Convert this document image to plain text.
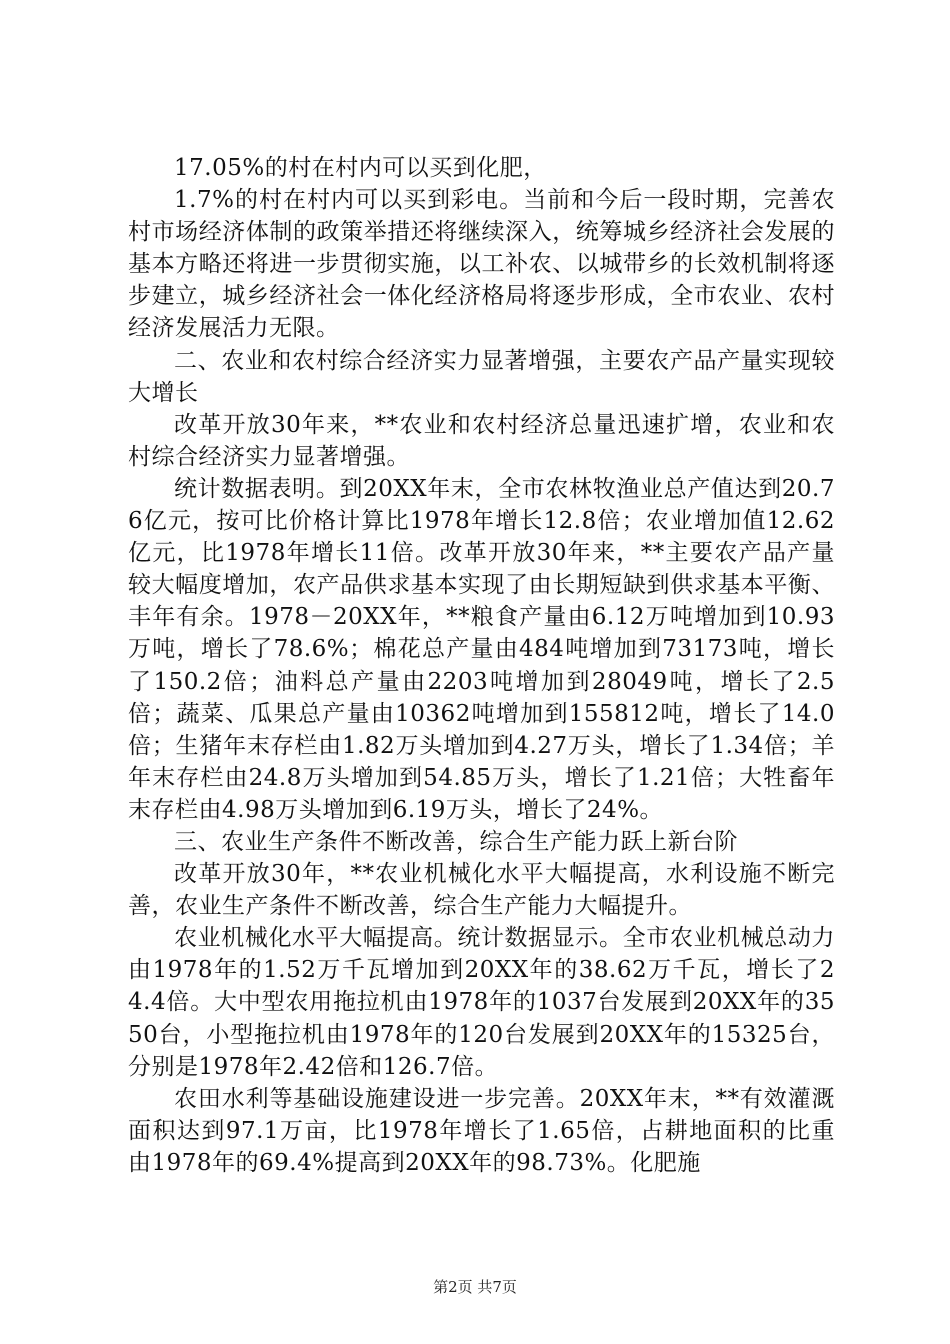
17.05%的村在村内可以买到化肥，

1.7%的村在村内可以买到彩电。当前和今后一段时期，完善农村市场经济体制的政策举措还将继续深入，统筹城乡经济社会发展的基本方略还将进一步贯彻实施，以工补农、以城带乡的长效机制将逐步建立，城乡经济社会一体化经济格局将逐步形成，全市农业、农村经济发展活力无限。

二、农业和农村综合经济实力显著增强，主要农产品产量实现较大增长

改革开放30年来，**农业和农村经济总量迅速扩增，农业和农村综合经济实力显著增强。

统计数据表明。到20XX年末，全市农林牧渔业总产值达到20.76亿元，按可比价格计算比1978年增长12.8倍；农业增加值12.62亿元，比1978年增长11倍。改革开放30年来，**主要农产品产量较大幅度增加，农产品供求基本实现了由长期短缺到供求基本平衡、丰年有余。1978－20XX年，**粮食产量由6.12万吨增加到10.93万吨，增长了78.6%；棉花总产量由484吨增加到73173吨，增长了150.2倍；油料总产量由2203吨增加到28049吨，增长了2.5倍；蔬菜、瓜果总产量由10362吨增加到155812吨，增长了14.0倍；生猪年末存栏由1.82万头增加到4.27万头，增长了1.34倍；羊年末存栏由24.8万头增加到54.85万头，增长了1.21倍；大牲畜年末存栏由4.98万头增加到6.19万头，增长了24%。

三、农业生产条件不断改善，综合生产能力跃上新台阶

改革开放30年，**农业机械化水平大幅提高，水利设施不断完善，农业生产条件不断改善，综合生产能力大幅提升。

农业机械化水平大幅提高。统计数据显示。全市农业机械总动力由1978年的1.52万千瓦增加到20XX年的38.62万千瓦，增长了24.4倍。大中型农用拖拉机由1978年的1037台发展到20XX年的3550台，小型拖拉机由1978年的120台发展到20XX年的15325台，分别是1978年2.42倍和126.7倍。

农田水利等基础设施建设进一步完善。20XX年末，**有效灌溉面积达到97.1万亩，比1978年增长了1.65倍，占耕地面积的比重由1978年的69.4%提高到20XX年的98.73%。化肥施

第2页 共7页
